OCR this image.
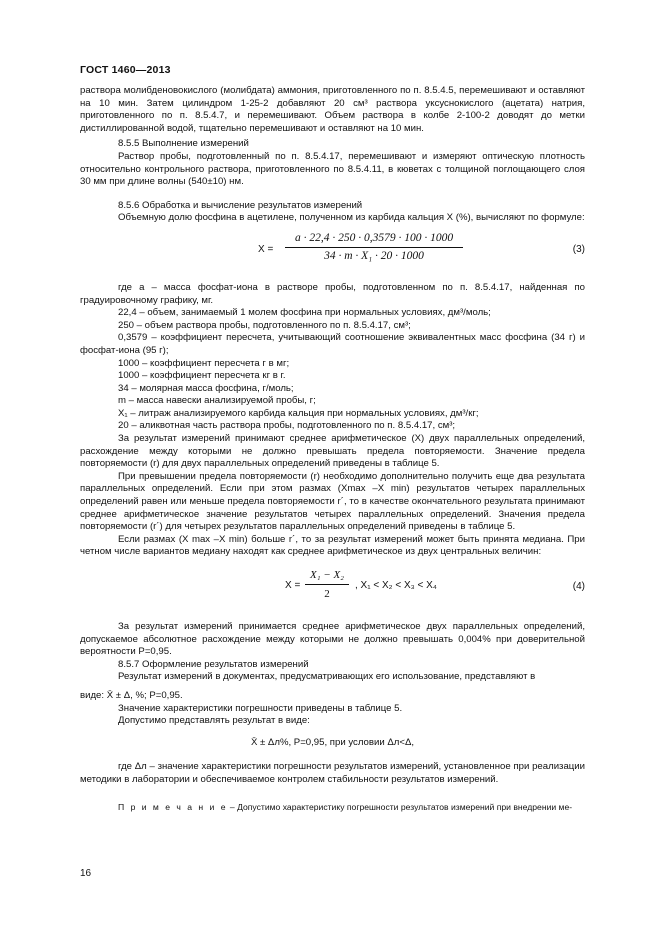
ГОСТ 1460—2013

раствора молибденовокислого (молибдата) аммония, приготовленного по п. 8.5.4.5, перемешивают и оставляют на 10 мин. Затем цилиндром 1-25-2 добавляют 20 см³ раствора уксуснокислого (ацетата) натрия, приготовленного по п. 8.5.4.7, и перемешивают. Объем раствора в колбе 2-100-2 доводят до метки дистиллированной водой, тщательно перемешивают и оставляют на 10 мин.

8.5.5 Выполнение измерений

Раствор пробы, подготовленный по п. 8.5.4.17, перемешивают и измеряют оптическую плотность относительно контрольного раствора, приготовленного по 8.5.4.11, в кюветах с толщиной поглощающего слоя 30 мм при длине волны (540±10) нм.

8.5.6 Обработка и вычисление результатов измерений

Объемную долю фосфина в ацетилене, полученном из карбида кальция X (%), вычисляют по формуле:

$X = \frac{a \cdot 22,4 \cdot 250 \cdot 0,3579 \cdot 100 \cdot 1000}{\text{34 · m · X₁ · 20 · 1000}}$	(3)

где а – масса фосфат-иона в растворе пробы, подготовленном по п. 8.5.4.17, найденная по градуировочному графику, мг.

22,4 – объем, занимаемый 1 молем фосфина при нормальных условиях, дм³/моль;

250 – объем раствора пробы, подготовленного по п. 8.5.4.17, см³;

0,3579 – коэффициент пересчета, учитывающий соотношение эквивалентных масс фосфина (34 г) и фосфат-иона (95 г);

1000 – коэффициент пересчета г в мг;

1000 – коэффициент пересчета кг в г.

34 – молярная масса фосфина, г/моль;

m – масса навески анализируемой пробы, г;

X₁ – литраж анализируемого карбида кальция при нормальных условиях, дм³/кг;

20 – аликвотная часть раствора пробы, подготовленного по п. 8.5.4.17, см³;

За результат измерений принимают среднее арифметическое (X) двух параллельных определений, расхождение между которыми не должно превышать предела повторяемости. Значение предела повторяемости (r) для двух параллельных определений приведены в таблице 5.

При превышении предела повторяемости (r) необходимо дополнительно получить еще два результата параллельных определений. Если при этом размах (Xmax –X min) результатов четырех параллельных определений равен или меньше предела повторяемости r´, то в качестве окончательного результата принимают среднее арифметическое значение результатов четырех параллельных определений. Значения предела повторяемости (r´) для четырех результатов параллельных определений приведены в таблице 5.

Если размах (X max –X min) больше r´, то за результат измерений может быть принята медиана. При четном числе вариантов медиану находят как среднее арифметическое из двух центральных величин:

$X = \frac{\text{X₁ − X₂}}{2}$ , X₁ < X₂ < X₃ < X₄	(4)

За результат измерений принимается среднее арифметическое двух параллельных определений, допускаемое абсолютное расхождение между которыми не должно превышать 0,004% при доверительной вероятности Р=0,95.

8.5.7 Оформление результатов измерений

Результат измерений в документах, предусматривающих его использование, представляют в

виде: X̄ ± Δ, %; Р=0,95.

Значение характеристики погрешности приведены в таблице 5.

Допустимо представлять результат в виде:

X̄ ± Δл%, Р=0,95, при условии Δл<Δ,

где Δл – значение характеристики погрешности результатов измерений, установленное при реализации методики в лаборатории и обеспечиваемое контролем стабильности результатов измерений.

П р и м е ч а н и е – Допустимо характеристику погрешности результатов измерений при внедрении ме-

16
